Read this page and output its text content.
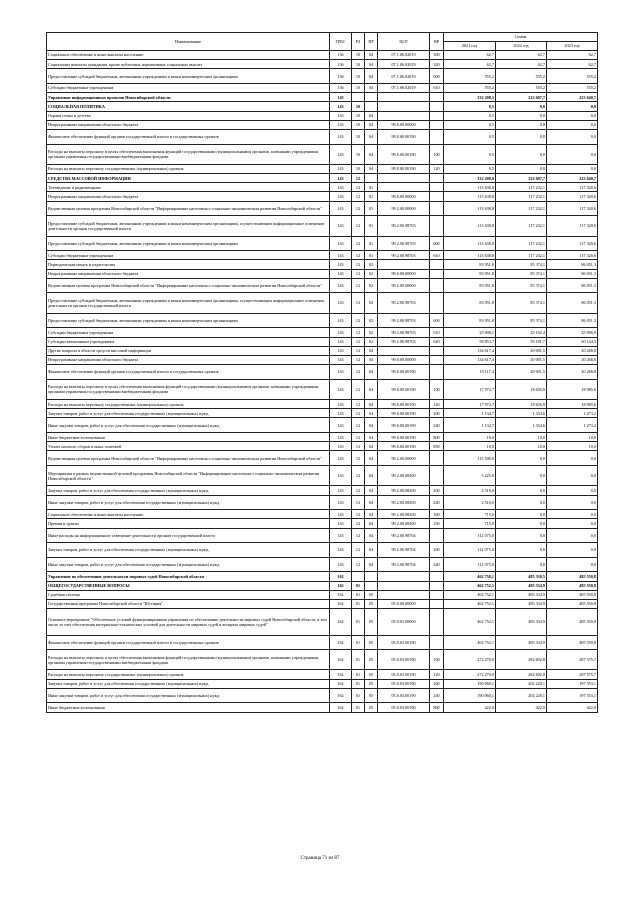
Наименование	ГРБС	РЗ	ПР	ЦСР	ВР	Сумма		
						2021 год	2022 год	2023 год
Социальное обеспечение и иные выплаты населению	136	10	04	07.1.06.02019	300	62,7	62,7	62,7
Социальные выплаты гражданам, кроме публичных нормативных социальных выплат	136	10	04	07.1.06.02019	320	62,7	62,7	62,7
Предоставление субсидий бюджетным, автономным учреждениям и иным некоммерческим организациям	136	10	04	07.1.06.02019	600	555,2	555,2	555,2
Субсидии бюджетным учреждениям	136	10	04	07.1.06.02019	610	555,2	555,2	555,2
Управление информационных проектов Новосибирской области	143					332 208,5	222 607,7	223 640,7
СОЦИАЛЬНАЯ ПОЛИТИКА	143	10				0,5	0,0	0,0
Охрана семьи и детства	143	10	04			0,5	0,0	0,0
Непрограммные направления областного бюджета	143	10	04	99.0.00.00000		0,5	0,0	0,0
Финансовое обеспечение функций органов государственной власти и государственных органов	143	10	04	99.0.00.00190		0,5	0,0	0,0
Расходы на выплаты персоналу в целях обеспечения выполнения функций государственными (муниципальными) органами, казенными учреждениями, органами управления государственными внебюджетными фондами	143	10	04	99.0.00.00190	100	0,5	0,0	0,0
Расходы на выплаты персоналу государственных (муниципальных) органов	143	10	04	99.0.00.00190	120	0,5	0,0	0,0
СРЕДСТВА МАССОВОЙ ИНФОРМАЦИИ	143	12				332 208,0	222 607,7	223 640,7
Телевидение и радиовещание	143	12	01			113 638,8	117 232,1	117 320,6
Непрограммные направления областного бюджета	143	12	01	99.0.00.00000		113 638,8	117 232,1	117 320,6
Ведомственная целевая программа Новосибирской области "Информирование населения о социально-экономическом развитии Новосибирской области"	143	12	01	99.2.00.00000		113 638,8	117 232,1	117 320,6
Предоставление субсидий бюджетным, автономным учреждениям и иным некоммерческим организациям, осуществляющим информационное освещение деятельности органов государственной власти	143	12	01	99.2.00.98703		113 638,8	117 232,1	117 320,6
Предоставление субсидий бюджетным, автономным учреждениям и иным некоммерческим организациям	143	12	01	99.2.00.98703	600	113 638,8	117 232,1	117 320,6
Субсидии бюджетным учреждениям	143	12	01	99.2.00.98703	610	113 638,8	117 232,1	117 320,6
Периодическая печать и издательства	143	12	02			83 951,8	85 374,1	86 051,3
Непрограммные направления областного бюджета	143	12	02	99.0.00.00000		83 951,8	85 374,1	86 051,3
Ведомственная целевая программа Новосибирской области "Информирование населения о социально-экономическом развитии Новосибирской области"	143	12	02	99.2.00.00000		83 951,8	85 374,1	86 051,3
Предоставление субсидий бюджетным, автономным учреждениям и иным некоммерческим организациям, осуществляющим информационное освещение деятельности органов государственной власти	143	12	02	99.2.00.98703		83 951,8	85 374,1	86 051,3
Предоставление субсидий бюджетным, автономным учреждениям и иным некоммерческим организациям	143	12	02	99.2.00.98703	600	83 951,8	85 374,1	86 051,3
Субсидии бюджетным учреждениям	143	12	02	99.2.00.98703	610	25 098,1	25 192,4	25 906,9
Субсидии автономным учреждениям	143	12	02	99.2.00.98703	620	58 853,7	59 181,7	60 144,5
Другие вопросы в области средств массовой информации	143	12	04			134 617,4	20 001,5	20 268,8
Непрограммные направления областного бюджета	143	12	04	99.0.00.00000		134 617,4	20 001,5	20 268,8
Финансовое обеспечение функций органов государственной власти и государственных органов	143	12	04	99.0.00.00190		19 117,4	20 001,5	20 268,8
Расходы на выплаты персоналу в целях обеспечения выполнения функций государственными (муниципальными) органами, казенными учреждениями, органами управления государственными внебюджетными фондами	143	12	04	99.0.00.00190	100	17 972,7	18 656,9	18 985,6
Расходы на выплаты персоналу государственных (муниципальных) органов	143	12	04	99.0.00.00190	120	17 972,7	18 656,9	18 985,6
Закупка товаров, работ и услуг для обеспечения государственных (муниципальных) нужд	143	12	04	99.0.00.00190	200	1 134,7	1 334,6	1 273,2
Иные закупки товаров, работ и услуг для обеспечения государственных (муниципальных) нужд	143	12	04	99.0.00.00190	240	1 134,7	1 334,6	1 273,2
Иные бюджетные ассигнования	143	12	04	99.0.00.00190	800	10,0	10,0	10,0
Уплата налогов, сборов и иных платежей	143	12	04	99.0.00.00190	850	10,0	10,0	10,0
Ведомственная целевая программа Новосибирской области "Информирование населения о социально-экономическом развитии Новосибирской области"	143	12	04	99.2.00.00000		115 500,0	0,0	0,0
Мероприятия в рамках ведомственной целевой программы Новосибирской области "Информирование населения о социально-экономическом развитии Новосибирской области"	143	12	04	99.2.00.08200		3 225,0	0,0	0,0
Закупка товаров, работ и услуг для обеспечения государственных (муниципальных) нужд	143	12	04	99.2.00.08200	200	2 510,0	0,0	0,0
Иные закупки товаров, работ и услуг для обеспечения государственных (муниципальных) нужд	143	12	04	99.2.00.08200	240	2 510,0	0,0	0,0
Социальное обеспечение и иные выплаты населению	143	12	04	99.2.00.08200	300	715,0	0,0	0,0
Премии и гранты	143	12	04	99.2.00.08200	350	715,0	0,0	0,0
Иные расходы на информационное освещение деятельности органов государственной власти	143	12	04	99.2.00.98704		112 075,0	0,0	0,0
Закупка товаров, работ и услуг для обеспечения государственных (муниципальных) нужд	143	12	04	99.2.00.98704	200	112 075,0	0,0	0,0
Иные закупки товаров, работ и услуг для обеспечения государственных (муниципальных) нужд	143	12	04	99.2.00.98704	240	112 075,0	0,0	0,0
Управление по обеспечению деятельности мировых судей Новосибирской области	162					462 758,1	485 330,5	485 550,8
ОБЩЕГОСУДАРСТВЕННЫЕ ВОПРОСЫ	162	01				462 752,1	485 334,9	485 550,8
Судебная система	162	01	05			462 752,1	485 334,9	485 550,8
Государственная программа Новосибирской области "Юстиция"	162	01	05	05.0.00.00000		462 752,1	485 334,9	485 550,8
Основное мероприятие "Обеспечение условий функционирования управления по обеспечению деятельности мировых судей Новосибирской области, в том числе за счет обеспечения материально-технических условий для деятельности мировых судей и аппарата мировых судей"	162	01	05	05.0.03.00000		462 752,1	485 334,9	485 550,8
Финансовое обеспечение функций органов государственной власти и государственных органов	162	01	05	05.0.03.00190		462 752,1	485 334,9	485 550,8
Расходы на выплаты персоналу в целях обеспечения выполнения функций государственными (муниципальными) органами, казенными учреждениями, органами управления государственными внебюджетными фондами	162	01	05	05.0.03.00190	100	272 270,0	282 692,8	287 575,7
Расходы на выплаты персоналу государственных (муниципальных) органов	162	01	05	05.0.03.00190	120	272 270,0	282 692,8	287 575,7
Закупка товаров, работ и услуг для обеспечения государственных (муниципальных) нужд	162	01	05	05.0.03.00190	200	190 060,1	202 220,1	197 553,1
Иные закупки товаров, работ и услуг для обеспечения государственных (муниципальных) нужд	162	01	05	05.0.03.00190	240	190 060,1	202 220,1	197 553,1
Иные бюджетные ассигнования	162	01	05	05.0.03.00190	800	422,0	422,0	422,0
Страница 71 из 87
